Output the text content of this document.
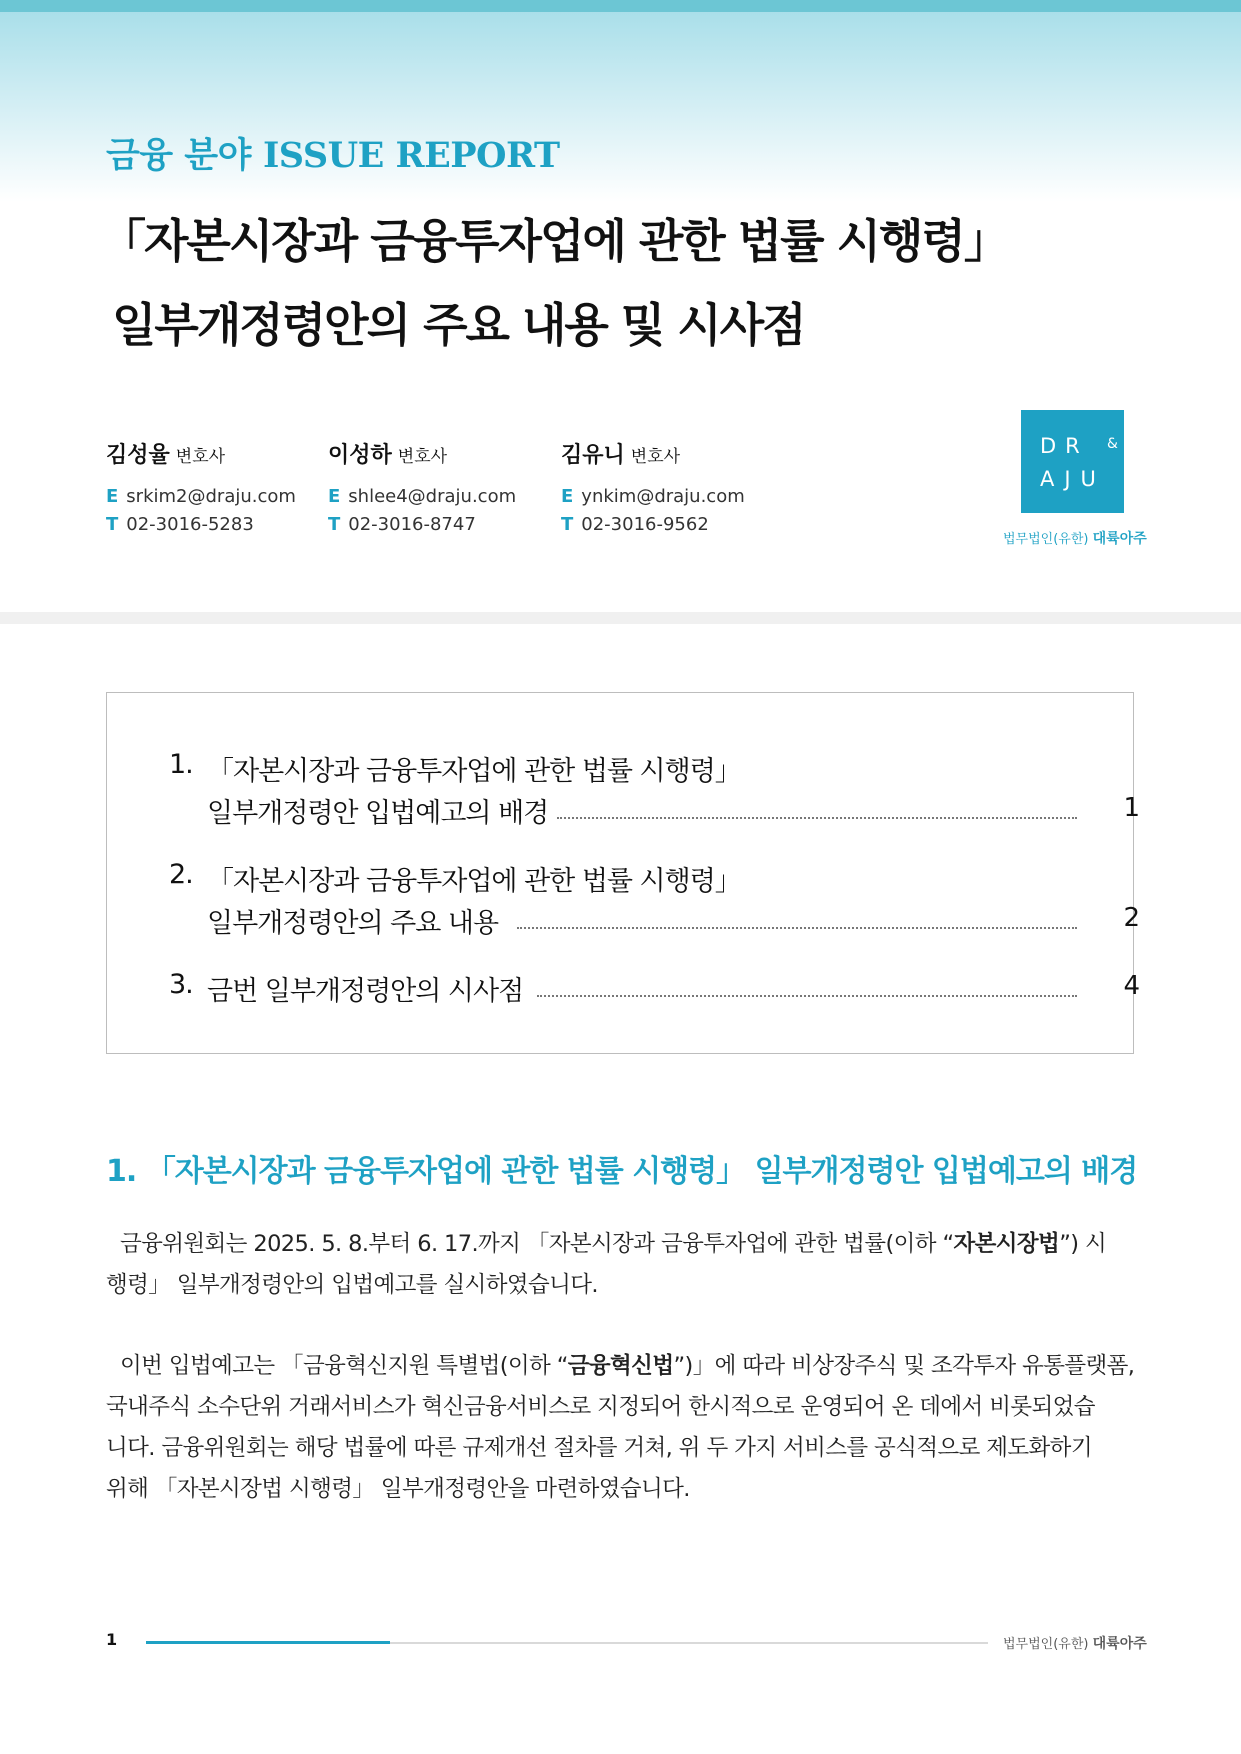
금융 분야 ISSUE REPORT
「자본시장과 금융투자업에 관한 법률 시행령」
일부개정령안의 주요 내용 및 시사점
김성율 변호사
E srkim2@draju.com
T 02-3016-5283
이성하 변호사
E shlee4@draju.com
T 02-3016-8747
김유니 변호사
E ynkim@draju.com
T 02-3016-9562
DR &
AJU
법무법인(유한) 대륙아주
1. 「자본시장과 금융투자업에 관한 법률 시행령」
일부개정령안 입법예고의 배경	1
2. 「자본시장과 금융투자업에 관한 법률 시행령」
일부개정령안의 주요 내용	2
3. 금번 일부개정령안의 시사점	4
1. 「자본시장과 금융투자업에 관한 법률 시행령」 일부개정령안 입법예고의 배경
금융위원회는 2025. 5. 8.부터 6. 17.까지 「자본시장과 금융투자업에 관한 법률(이하 “자본시장법”) 시
행령」 일부개정령안의 입법예고를 실시하였습니다.
이번 입법예고는 「금융혁신지원 특별법(이하 “금융혁신법”)」에 따라 비상장주식 및 조각투자 유통플랫폼,
국내주식 소수단위 거래서비스가 혁신금융서비스로 지정되어 한시적으로 운영되어 온 데에서 비롯되었습
니다. 금융위원회는 해당 법률에 따른 규제개선 절차를 거쳐, 위 두 가지 서비스를 공식적으로 제도화하기
위해 「자본시장법 시행령」 일부개정령안을 마련하였습니다.
1	법무법인(유한) 대륙아주
